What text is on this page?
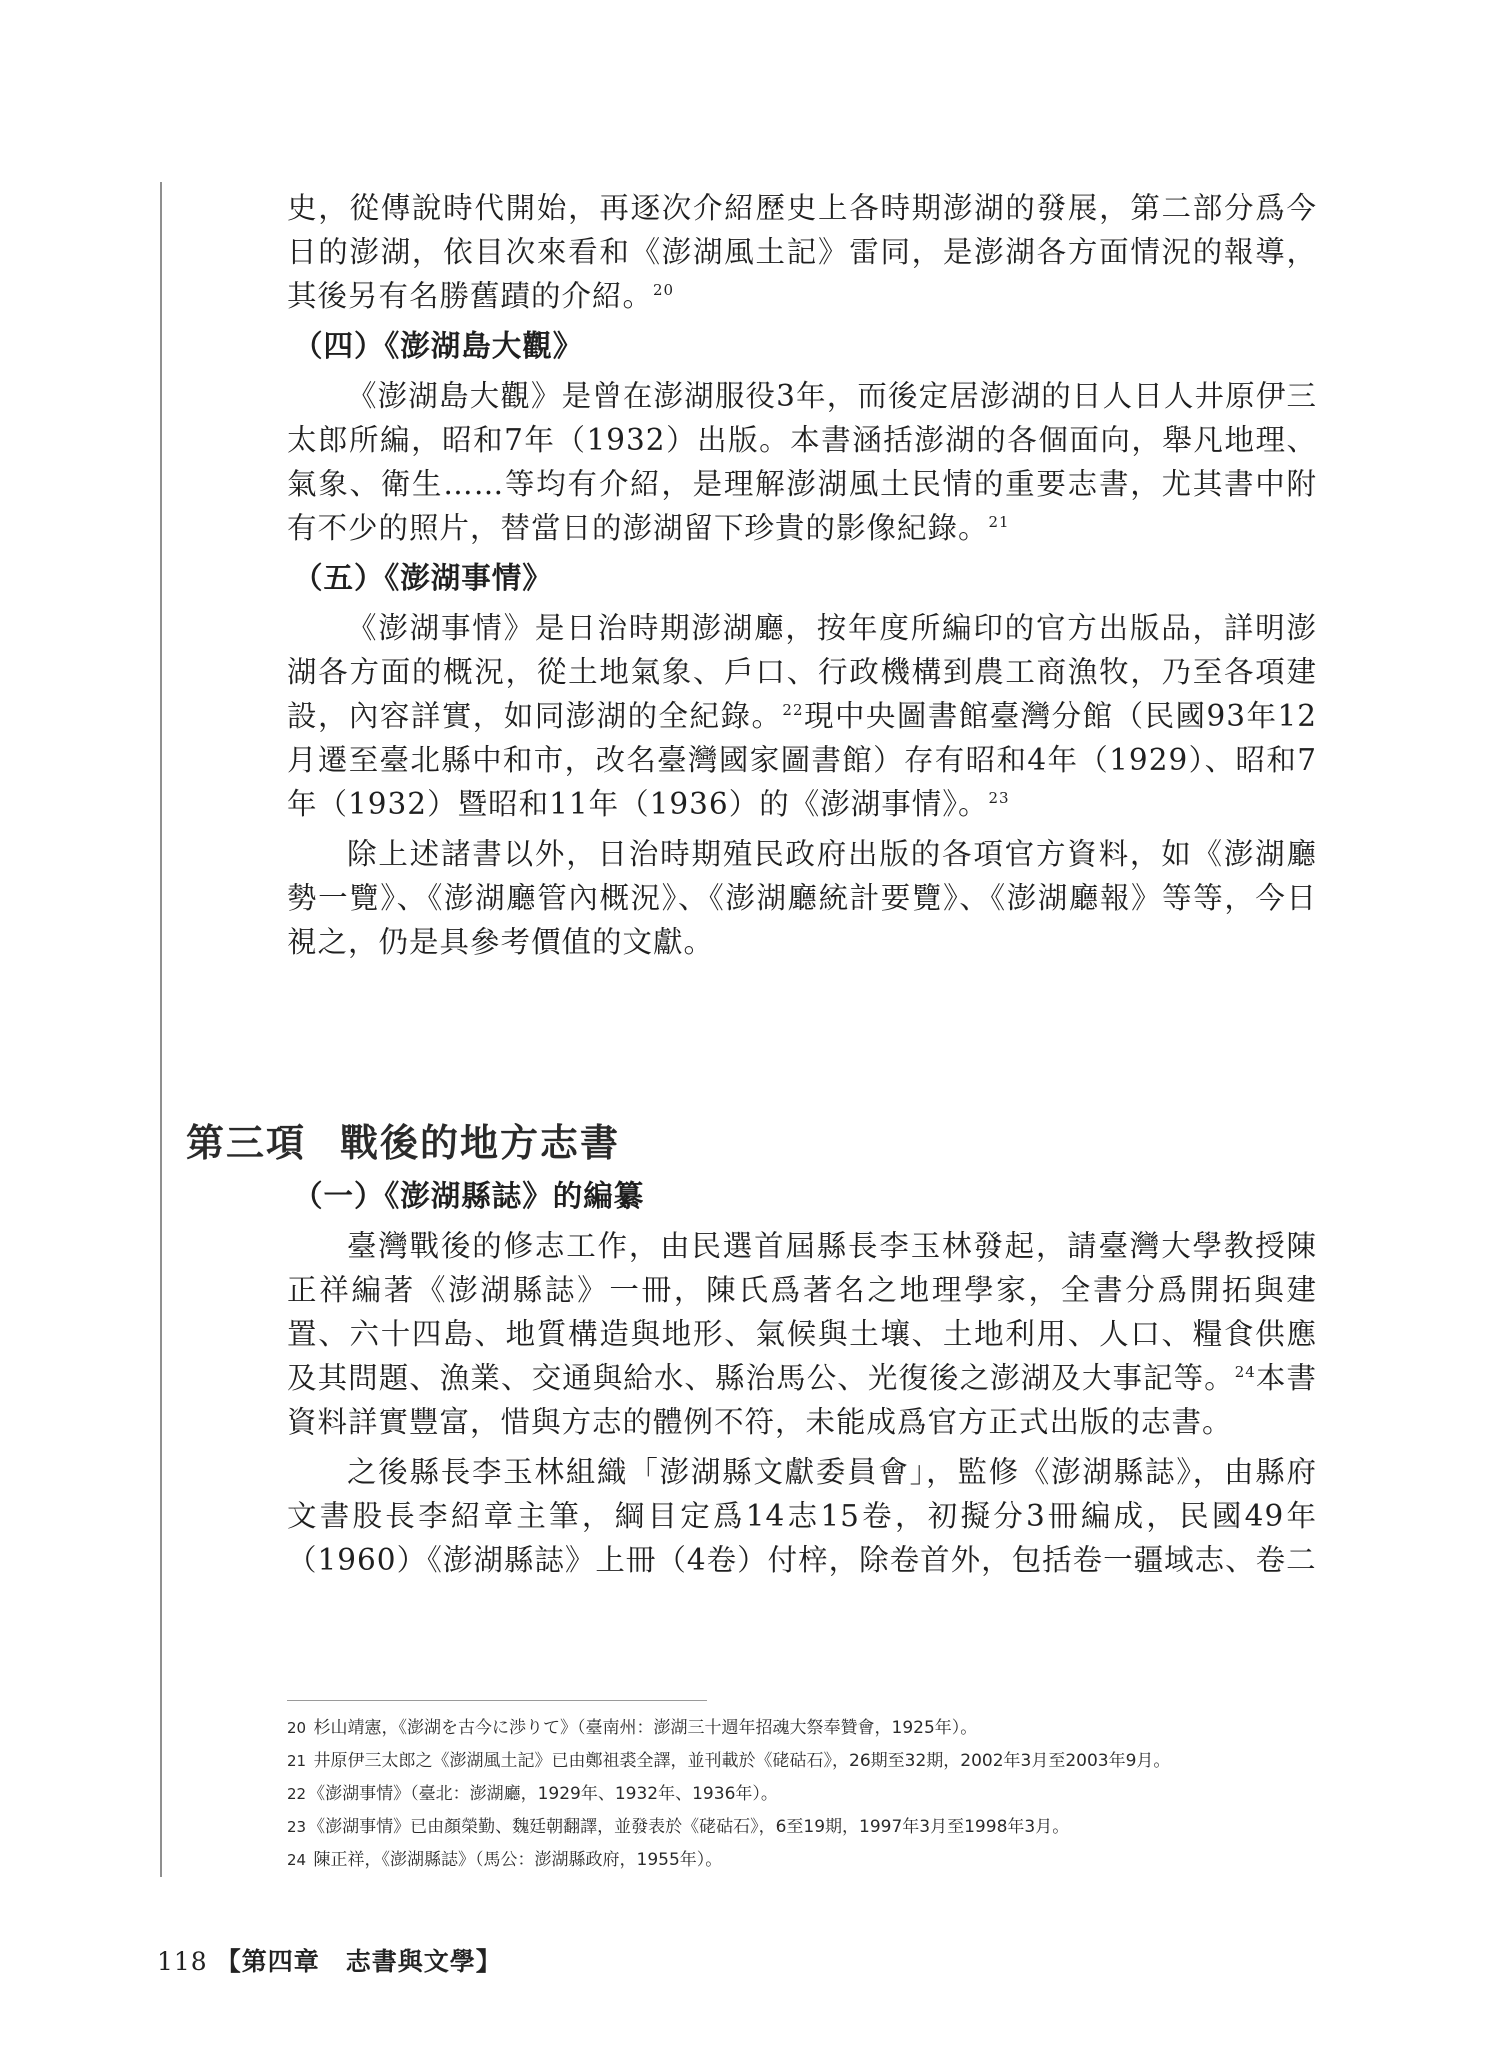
史，從傳說時代開始，再逐次介紹歷史上各時期澎湖的發展，第二部分爲今日的澎湖，依目次來看和《澎湖風土記》雷同，是澎湖各方面情況的報導，其後另有名勝舊蹟的介紹。$^{20}$

（四）《澎湖島大觀》

《澎湖島大觀》是曾在澎湖服役3年，而後定居澎湖的日人日人井原伊三太郎所編，昭和7年（1932）出版。本書涵括澎湖的各個面向，舉凡地理、氣象、衛生……等均有介紹，是理解澎湖風土民情的重要志書，尤其書中附有不少的照片，替當日的澎湖留下珍貴的影像紀錄。$^{21}$

（五）《澎湖事情》

《澎湖事情》是日治時期澎湖廳，按年度所編印的官方出版品，詳明澎湖各方面的概況，從土地氣象、戶口、行政機構到農工商漁牧，乃至各項建設，內容詳實，如同澎湖的全紀錄。$^{22}$現中央圖書館臺灣分館（民國93年12月遷至臺北縣中和市，改名臺灣國家圖書館）存有昭和4年（1929）、昭和7年（1932）暨昭和11年（1936）的《澎湖事情》。$^{23}$

除上述諸書以外，日治時期殖民政府出版的各項官方資料，如《澎湖廳勢一覽》、《澎湖廳管內概況》、《澎湖廳統計要覽》、《澎湖廳報》等等，今日視之，仍是具參考價值的文獻。

第三項 戰後的地方志書
（一）《澎湖縣誌》的編纂

臺灣戰後的修志工作，由民選首屆縣長李玉林發起，請臺灣大學教授陳正祥編著《澎湖縣誌》一冊，陳氏爲著名之地理學家，全書分爲開拓與建置、六十四島、地質構造與地形、氣候與土壤、土地利用、人口、糧食供應及其問題、漁業、交通與給水、縣治馬公、光復後之澎湖及大事記等。$^{24}$本書資料詳實豐富，惜與方志的體例不符，未能成爲官方正式出版的志書。

之後縣長李玉林組織「澎湖縣文獻委員會」，監修《澎湖縣誌》，由縣府文書股長李紹章主筆，綱目定爲14志15卷，初擬分3冊編成，民國49年（1960）《澎湖縣誌》上冊（4卷）付梓，除卷首外，包括卷一疆域志、卷二

20 杉山靖憲，《澎湖を古今に渉りて》（臺南州：澎湖三十週年招魂大祭奉贊會，1925年）。
21 井原伊三太郎之《澎湖風土記》已由鄭祖裘全譯，並刊載於《硓𥑮石》，26期至32期，2002年3月至2003年9月。
22 《澎湖事情》（臺北：澎湖廳，1929年、1932年、1936年）。
23 《澎湖事情》已由顏榮勤、魏廷朝翻譯，並發表於《硓𥑮石》，6至19期，1997年3月至1998年3月。
24 陳正祥，《澎湖縣誌》（馬公：澎湖縣政府，1955年）。
118 【第四章　志書與文學】
